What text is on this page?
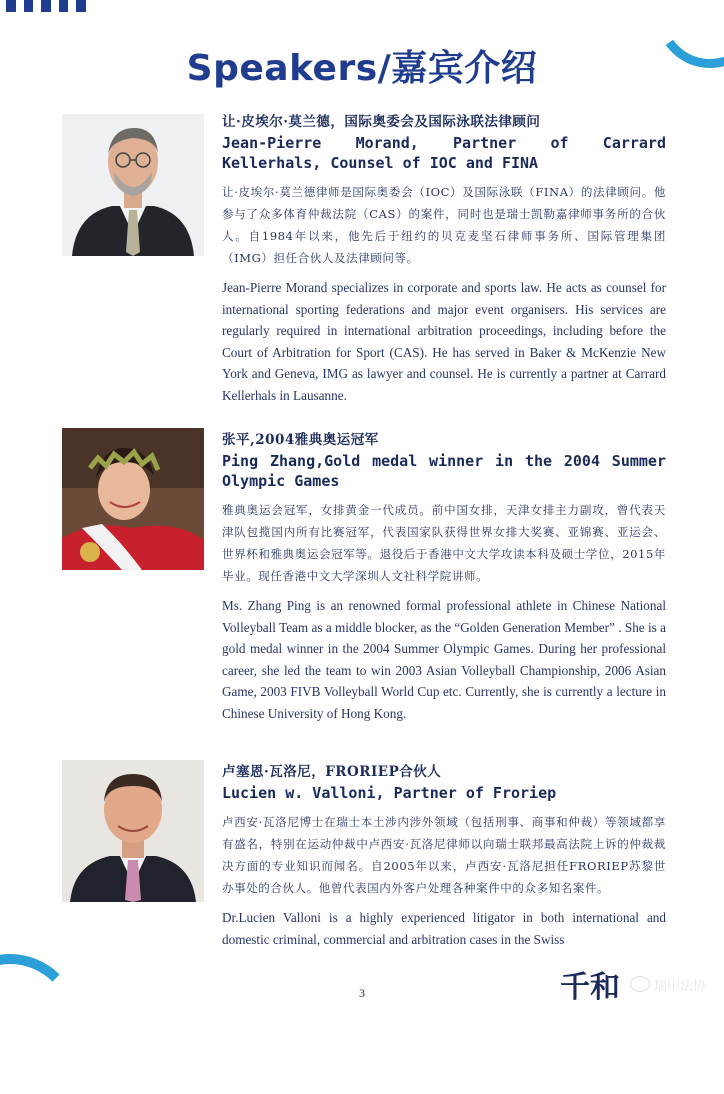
Speakers/嘉宾介绍

让·皮埃尔·莫兰德，国际奥委会及国际泳联法律顾问

Jean-Pierre Morand, Partner of Carrard Kellerhals, Counsel of IOC and FINA

让·皮埃尔·莫兰德律师是国际奥委会（IOC）及国际泳联（FINA）的法律顾问。他参与了众多体育仲裁法院（CAS）的案件，同时也是瑞士凯勒嘉律师事务所的合伙人。自1984年以来，他先后于纽约的贝克麦坚石律师事务所、国际管理集团（IMG）担任合伙人及法律顾问等。

Jean-Pierre Morand specializes in corporate and sports law. He acts as counsel for international sporting federations and major event organisers. His services are regularly required in international arbitration proceedings, including before the Court of Arbitration for Sport (CAS). He has served in Baker & McKenzie New York and Geneva, IMG as lawyer and counsel. He is currently a partner at Carrard Kellerhals in Lausanne.

张平,2004雅典奥运冠军

Ping Zhang,Gold medal winner in the 2004 Summer Olympic Games

雅典奥运会冠军，女排黄金一代成员。前中国女排，天津女排主力副攻，曾代表天津队包揽国内所有比赛冠军，代表国家队获得世界女排大奖赛、亚锦赛、亚运会、世界杯和雅典奥运会冠军等。退役后于香港中文大学攻读本科及硕士学位，2015年毕业。现任香港中文大学深圳人文社科学院讲师。

Ms. Zhang Ping is an renowned formal professional athlete in Chinese National Volleyball Team as a middle blocker, as the “Golden Generation Member” . She is a gold medal winner in the 2004 Summer Olympic Games. During her professional career, she led the team to win 2003 Asian Volleyball Championship, 2006 Asian Game, 2003 FIVB Volleyball World Cup etc. Currently, she is currently a lecture in Chinese University of Hong Kong.

卢塞恩·瓦洛尼，FRORIEP合伙人

Lucien w. Valloni, Partner of Froriep

卢西安·瓦洛尼博士在瑞士本土涉内涉外领域（包括刑事、商事和仲裁）等领域都享有盛名，特别在运动仲裁中卢西安·瓦洛尼律师以向瑞士联邦最高法院上诉的仲裁裁决方面的专业知识而闻名。自2005年以来，卢西安·瓦洛尼担任FRORIEP苏黎世办事处的合伙人。他曾代表国内外客户处理各种案件中的众多知名案件。

Dr.Lucien Valloni is a highly experienced litigator in both international and domestic criminal, commercial and arbitration cases in the Swiss

3	千和	瑞中法协
